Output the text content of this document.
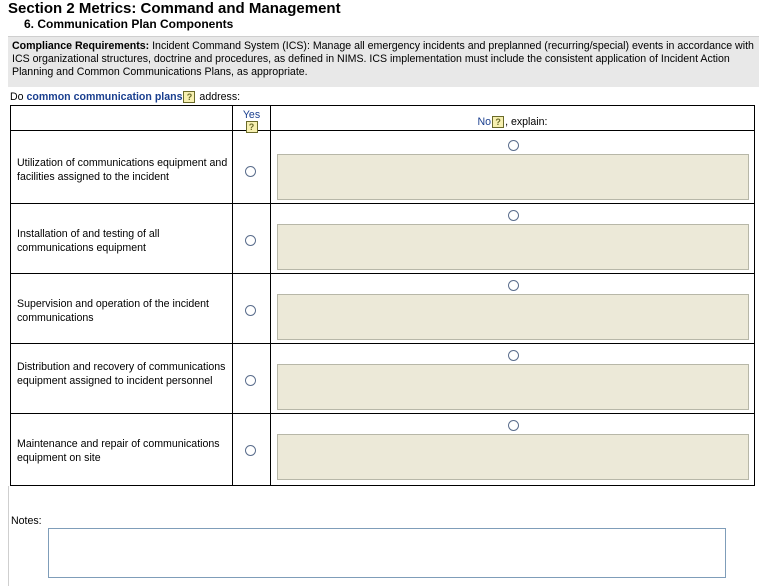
Section 2 Metrics: Command and Management
6. Communication Plan Components
Compliance Requirements: Incident Command System (ICS): Manage all emergency incidents and preplanned (recurring/special) events in accordance with ICS organizational structures, doctrine and procedures, as defined in NIMS. ICS implementation must include the consistent application of Incident Action Planning and Common Communications Plans, as appropriate.
Do common communication plans ? address:
Yes
?	No ? , explain:
Utilization of communications equipment and facilities assigned to the incident
Installation of and testing of all communications equipment
Supervision and operation of the incident communications
Distribution and recovery of communications equipment assigned to incident personnel
Maintenance and repair of communications equipment on site
Notes:
